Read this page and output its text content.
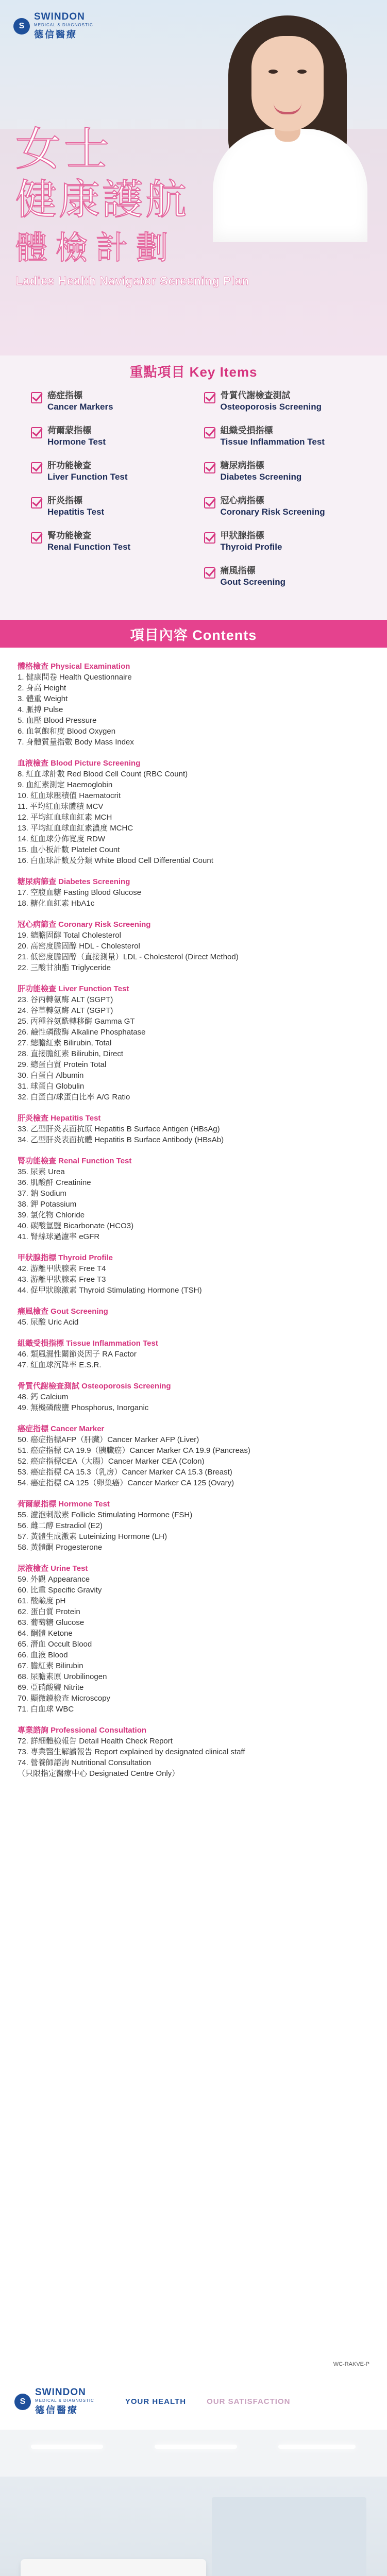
S
SWINDON
MEDICAL & DIAGNOSTIC
德信醫療
女士
健康護航
體檢計劃
Ladies Health Navigator Screening Plan
重點項目 Key Items
癌症指標
Cancer Markers
骨質代謝檢查測試
Osteoporosis Screening
荷爾蒙指標
Hormone Test
組織受損指標
Tissue Inflammation Test
肝功能檢查
Liver Function Test
糖尿病指標
Diabetes Screening
肝炎指標
Hepatitis Test
冠心病指標
Coronary Risk Screening
腎功能檢查
Renal Function Test
甲狀腺指標
Thyroid Profile
痛風指標
Gout Screening
項目內容 Contents
體格檢查 Physical Examination
1. 健康問卷 Health Questionnaire
2. 身高 Height
3. 體重 Weight
4. 脈搏 Pulse
5. 血壓 Blood Pressure
6. 血氧飽和度 Blood Oxygen
7. 身體質量指數 Body Mass Index
血液檢查 Blood Picture Screening
8. 紅血球計數 Red Blood Cell Count (RBC Count)
9. 血紅素測定 Haemoglobin
10. 紅血球壓積值 Haematocrit
11. 平均紅血球體積 MCV
12. 平均紅血球血紅素 MCH
13. 平均紅血球血紅素濃度 MCHC
14. 紅血球分佈寬度 RDW
15. 血小板計數 Platelet Count
16. 白血球計數及分類 White Blood Cell Differential Count
糖尿病篩查 Diabetes Screening
17. 空腹血糖 Fasting Blood Glucose
18. 糖化血紅素 HbA1c
冠心病篩查 Coronary Risk Screening
19. 總膽固醇 Total Cholesterol
20. 高密度膽固醇 HDL - Cholesterol
21. 低密度膽固醇（直接測量）LDL - Cholesterol (Direct Method)
22. 三酸甘油酯 Triglyceride
肝功能檢查 Liver Function Test
23. 谷丙轉氨酶 ALT (SGPT)
24. 谷草轉氨酶 ALT (SGPT)
25. 丙種谷氨酰轉移酶 Gamma GT
26. 鹼性磷酸酶 Alkaline Phosphatase
27. 總膽紅素 Bilirubin, Total
28. 直接膽紅素 Bilirubin, Direct
29. 總蛋白質 Protein Total
30. 白蛋白 Albumin
31. 球蛋白 Globulin
32. 白蛋白/球蛋白比率 A/G Ratio
肝炎檢查 Hepatitis Test
33. 乙型肝炎表面抗原 Hepatitis B Surface Antigen (HBsAg)
34. 乙型肝炎表面抗體 Hepatitis B Surface Antibody (HBsAb)
腎功能檢查 Renal Function Test
35. 尿素 Urea
36. 肌酸酐 Creatinine
37. 鈉 Sodium
38. 鉀 Potassium
39. 氯化物 Chloride
40. 碳酸氫鹽 Bicarbonate (HCO3)
41. 腎絲球過濾率 eGFR
甲狀腺指標 Thyroid Profile
42. 游離甲狀腺素 Free T4
43. 游離甲狀腺素 Free T3
44. 促甲狀腺激素 Thyroid Stimulating Hormone (TSH)
痛風檢查 Gout Screening
45. 尿酸 Uric Acid
組織受損指標 Tissue Inflammation Test
46. 類風濕性關節炎因子 RA Factor
47. 紅血球沉降率 E.S.R.
骨質代謝檢查測試 Osteoporosis Screening
48. 鈣 Calcium
49. 無機磷酸鹽 Phosphorus, Inorganic
癌症指標 Cancer Marker
50. 癌症指標AFP（肝臟）Cancer Marker AFP (Liver)
51. 癌症指標 CA 19.9（胰臟癌）Cancer Marker CA 19.9 (Pancreas)
52. 癌症指標CEA（大腸）Cancer Marker CEA (Colon)
53. 癌症指標 CA 15.3（乳房）Cancer Marker CA 15.3 (Breast)
54. 癌症指標 CA 125（卵巢癌）Cancer Marker CA 125 (Ovary)
荷爾蒙指標 Hormone Test
55. 濾泡刺激素 Follicle Stimulating Hormone (FSH)
56. 雌二醇 Estradiol (E2)
57. 黃體生成激素 Luteinizing Hormone (LH)
58. 黃體酮 Progesterone
尿液檢查 Urine Test
59. 外觀 Appearance
60. 比重 Specific Gravity
61. 酸鹼度 pH
62. 蛋白質 Protein
63. 葡萄糖 Glucose
64. 酮體 Ketone
65. 潛血 Occult Blood
66. 血液 Blood
67. 膽紅素 Bilirubin
68. 尿膽素原 Urobilinogen
69. 亞硝酸鹽 Nitrite
70. 顯微鏡檢查 Microscopy
71. 白血球 WBC
專業諮詢 Professional Consultation
72. 詳細體檢報告 Detail Health Check Report
73. 專業醫生解讀報告 Report explained by designated clinical staff
74. 營養師諮詢 Nutritional Consultation
（只限指定醫療中心 Designated Centre Only）
WC-RAKVE-P
S
SWINDON
MEDICAL & DIAGNOSTIC
德信醫療
YOUR HEALTH	OUR SATISFACTION
